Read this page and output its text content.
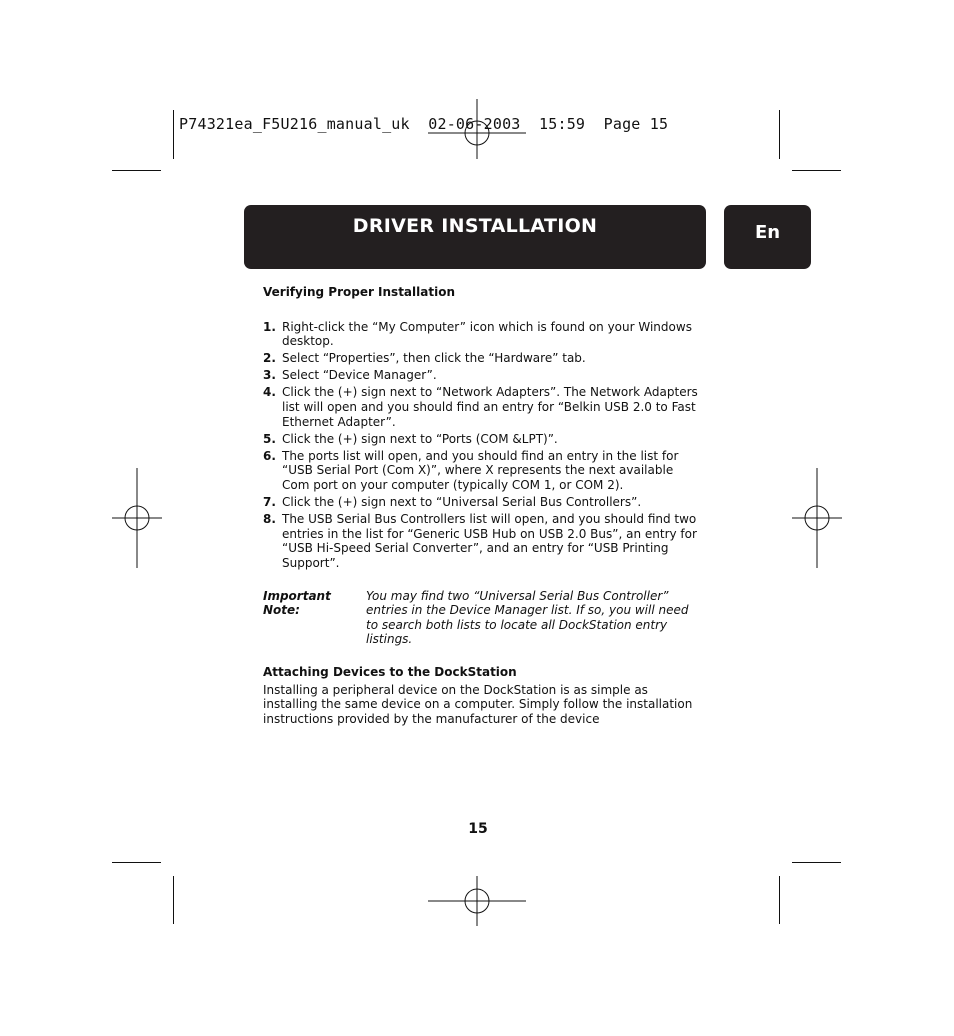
P74321ea_F5U216_manual_uk  02-06-2003  15:59  Page 15
DRIVER INSTALLATION	En

Verifying Proper Installation

1. Right-click the “My Computer” icon which is found on your Windows desktop.
2. Select “Properties”, then click the “Hardware” tab.
3. Select “Device Manager”.
4. Click the (+) sign next to “Network Adapters”. The Network Adapters list will open and you should find an entry for “Belkin USB 2.0 to Fast Ethernet Adapter”.
5. Click the (+) sign next to “Ports (COM &LPT)”.
6. The ports list will open, and you should find an entry in the list for “USB Serial Port (Com X)”, where X represents the next available Com port on your computer (typically COM 1, or COM 2).
7. Click the (+) sign next to “Universal Serial Bus Controllers”.
8. The USB Serial Bus Controllers list will open, and you should find two entries in the list for “Generic USB Hub on USB 2.0 Bus”, an entry for “USB Hi-Speed Serial Converter”, and an entry for “USB Printing Support”.
Important Note:
You may find two “Universal Serial Bus Controller” entries in the Device Manager list. If so, you will need to search both lists to locate all DockStation entry listings.

Attaching Devices to the DockStation

Installing a peripheral device on the DockStation is as simple as installing the same device on a computer. Simply follow the installation instructions provided by the manufacturer of the device

15
